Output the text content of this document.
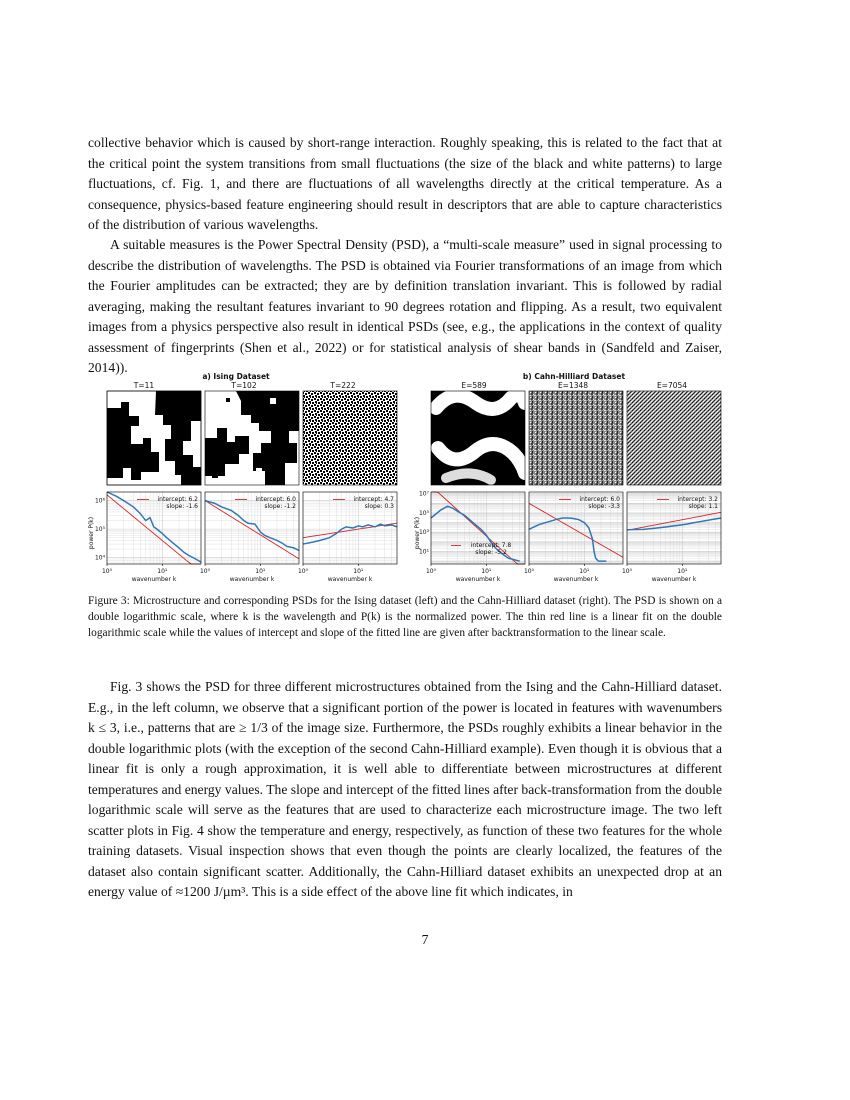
collective behavior which is caused by short-range interaction. Roughly speaking, this is related to the fact that at the critical point the system transitions from small fluctuations (the size of the black and white patterns) to large fluctuations, cf. Fig. 1, and there are fluctuations of all wavelengths directly at the critical temperature. As a consequence, physics-based feature engineering should result in descriptors that are able to capture characteristics of the distribution of various wavelengths.

A suitable measures is the Power Spectral Density (PSD), a “multi-scale measure” used in signal processing to describe the distribution of wavelengths. The PSD is obtained via Fourier transformations of an image from which the Fourier amplitudes can be extracted; they are by definition translation invariant. This is followed by radial averaging, making the resultant features invariant to 90 degrees rotation and flipping. As a result, two equivalent images from a physics perspective also result in identical PSDs (see, e.g., the applications in the context of quality assessment of fingerprints (Shen et al., 2022) or for statistical analysis of shear bands in (Sandfeld and Zaiser, 2014)).

a) Ising Dataset	b) Cahn-Hilliard Dataset
T=11	T=102	T=222	E=589	E=1348	E=7054
power P(k)	power P(k)
10⁰	10¹
10⁴
10⁵
10⁶
wavenumber k
intercept: 6.2
slope: -1.6
10⁰	10¹
wavenumber k
intercept: 6.0
slope: -1.2
10⁰	10¹
wavenumber k
intercept: 4.7
slope: 0.3
10⁰	10¹
10¹
10³
10⁵
10⁷
wavenumber k
intercept: 7.8
slope: -5.2
10⁰	10¹
wavenumber k
intercept: 6.0
slope: -3.3
10⁰	10¹
wavenumber k
intercept: 3.2
slope: 1.1

Figure 3: Microstructure and corresponding PSDs for the Ising dataset (left) and the Cahn-Hilliard dataset (right). The PSD is shown on a double logarithmic scale, where k is the wavelength and P(k) is the normalized power. The thin red line is a linear fit on the double logarithmic scale while the values of intercept and slope of the fitted line are given after backtransformation to the linear scale.

Fig. 3 shows the PSD for three different microstructures obtained from the Ising and the Cahn-Hilliard dataset. E.g., in the left column, we observe that a significant portion of the power is located in features with wavenumbers k ≤ 3, i.e., patterns that are ≥ 1/3 of the image size. Furthermore, the PSDs roughly exhibits a linear behavior in the double logarithmic plots (with the exception of the second Cahn-Hilliard example). Even though it is obvious that a linear fit is only a rough approximation, it is well able to differentiate between microstructures at different temperatures and energy values. The slope and intercept of the fitted lines after back-transformation from the double logarithmic scale will serve as the features that are used to characterize each microstructure image. The two left scatter plots in Fig. 4 show the temperature and energy, respectively, as function of these two features for the whole training datasets. Visual inspection shows that even though the points are clearly localized, the features of the dataset also contain significant scatter. Additionally, the Cahn-Hilliard dataset exhibits an unexpected drop at an energy value of ≈1200 J/µm³. This is a side effect of the above line fit which indicates, in

7
